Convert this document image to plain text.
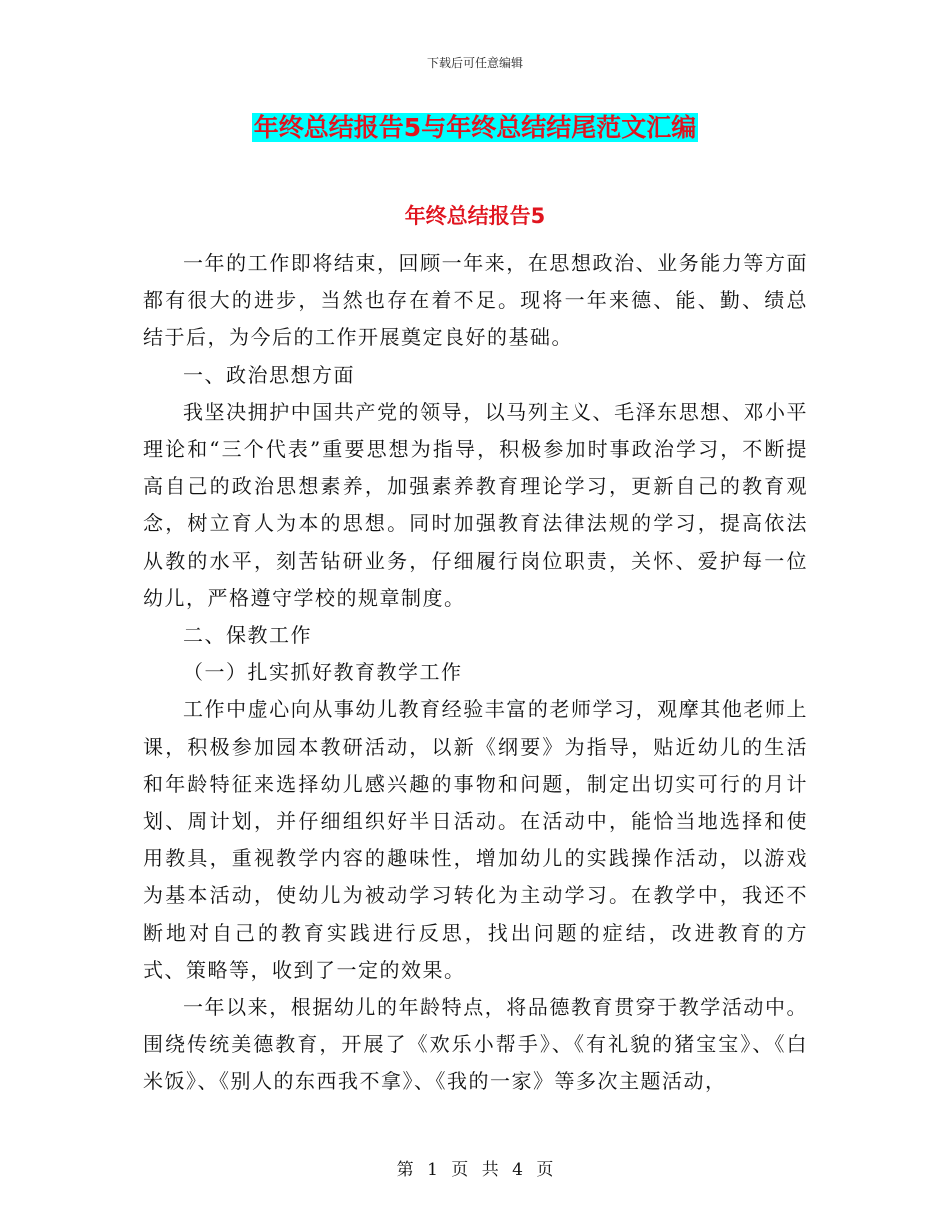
下载后可任意编辑
年终总结报告5与年终总结结尾范文汇编
年终总结报告5

一年的工作即将结束，回顾一年来，在思想政治、业务能力等方面都有很大的进步，当然也存在着不足。现将一年来德、能、勤、绩总结于后，为今后的工作开展奠定良好的基础。

一、政治思想方面

我坚决拥护中国共产党的领导，以马列主义、毛泽东思想、邓小平理论和“三个代表”重要思想为指导，积极参加时事政治学习，不断提高自己的政治思想素养，加强素养教育理论学习，更新自己的教育观念，树立育人为本的思想。同时加强教育法律法规的学习，提高依法从教的水平，刻苦钻研业务，仔细履行岗位职责，关怀、爱护每一位幼儿，严格遵守学校的规章制度。

二、保教工作

（一）扎实抓好教育教学工作

工作中虚心向从事幼儿教育经验丰富的老师学习，观摩其他老师上课，积极参加园本教研活动，以新《纲要》为指导，贴近幼儿的生活和年龄特征来选择幼儿感兴趣的事物和问题，制定出切实可行的月计划、周计划，并仔细组织好半日活动。在活动中，能恰当地选择和使用教具，重视教学内容的趣味性，增加幼儿的实践操作活动，以游戏为基本活动，使幼儿为被动学习转化为主动学习。在教学中，我还不断地对自己的教育实践进行反思，找出问题的症结，改进教育的方式、策略等，收到了一定的效果。

一年以来，根据幼儿的年龄特点，将品德教育贯穿于教学活动中。围绕传统美德教育，开展了《欢乐小帮手》、《有礼貌的猪宝宝》、《白米饭》、《别人的东西我不拿》、《我的一家》等多次主题活动，

第 1 页 共 4 页
